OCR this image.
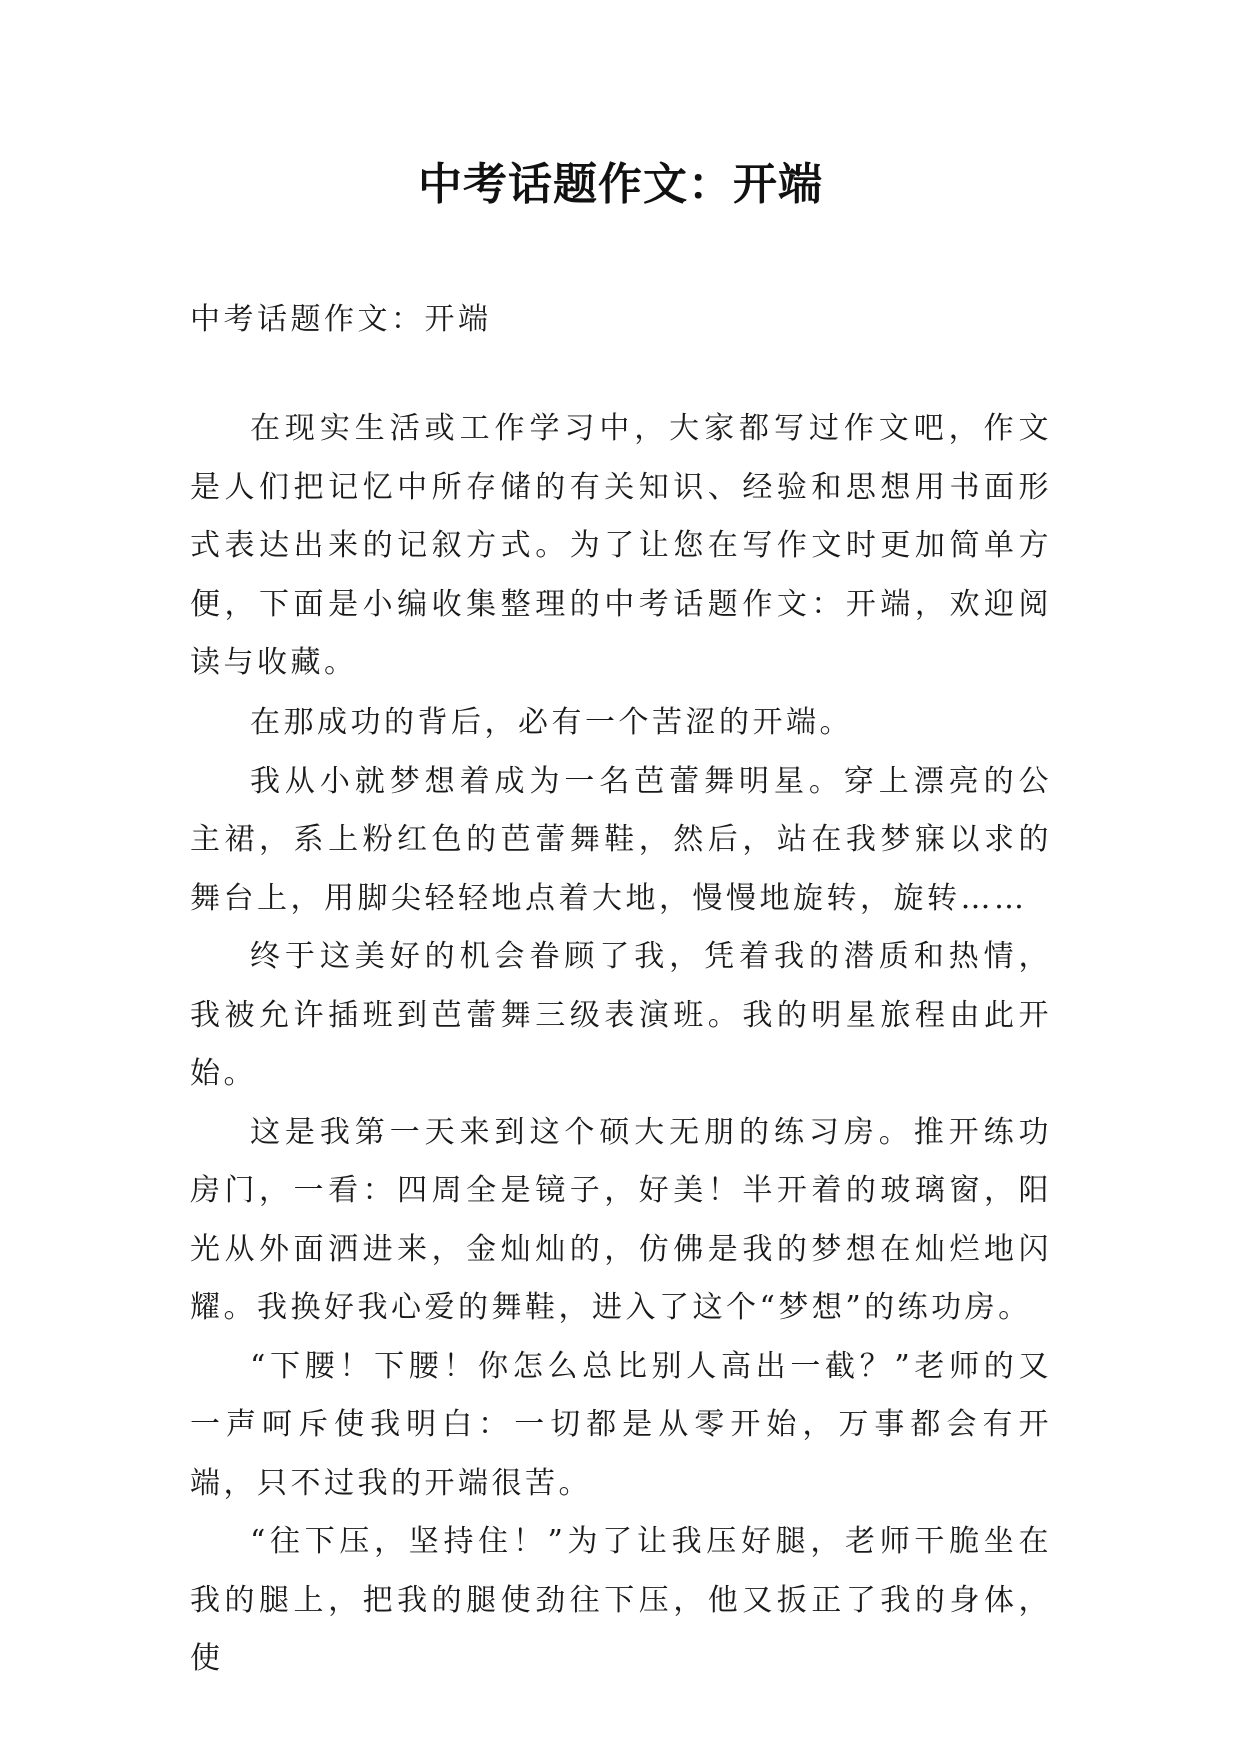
中考话题作文：开端
中考话题作文：开端

在现实生活或工作学习中，大家都写过作文吧，作文是人们把记忆中所存储的有关知识、经验和思想用书面形式表达出来的记叙方式。为了让您在写作文时更加简单方便，下面是小编收集整理的中考话题作文：开端，欢迎阅读与收藏。

在那成功的背后，必有一个苦涩的开端。

我从小就梦想着成为一名芭蕾舞明星。穿上漂亮的公主裙，系上粉红色的芭蕾舞鞋，然后，站在我梦寐以求的舞台上，用脚尖轻轻地点着大地，慢慢地旋转，旋转……

终于这美好的机会眷顾了我，凭着我的潜质和热情，我被允许插班到芭蕾舞三级表演班。我的明星旅程由此开始。

这是我第一天来到这个硕大无朋的练习房。推开练功房门，一看：四周全是镜子，好美！半开着的玻璃窗，阳光从外面洒进来，金灿灿的，仿佛是我的梦想在灿烂地闪耀。我换好我心爱的舞鞋，进入了这个“梦想”的练功房。

“下腰！下腰！你怎么总比别人高出一截？”老师的又一声呵斥使我明白：一切都是从零开始，万事都会有开端，只不过我的开端很苦。

“往下压，坚持住！”为了让我压好腿，老师干脆坐在我的腿上，把我的腿使劲往下压，他又扳正了我的身体，使
